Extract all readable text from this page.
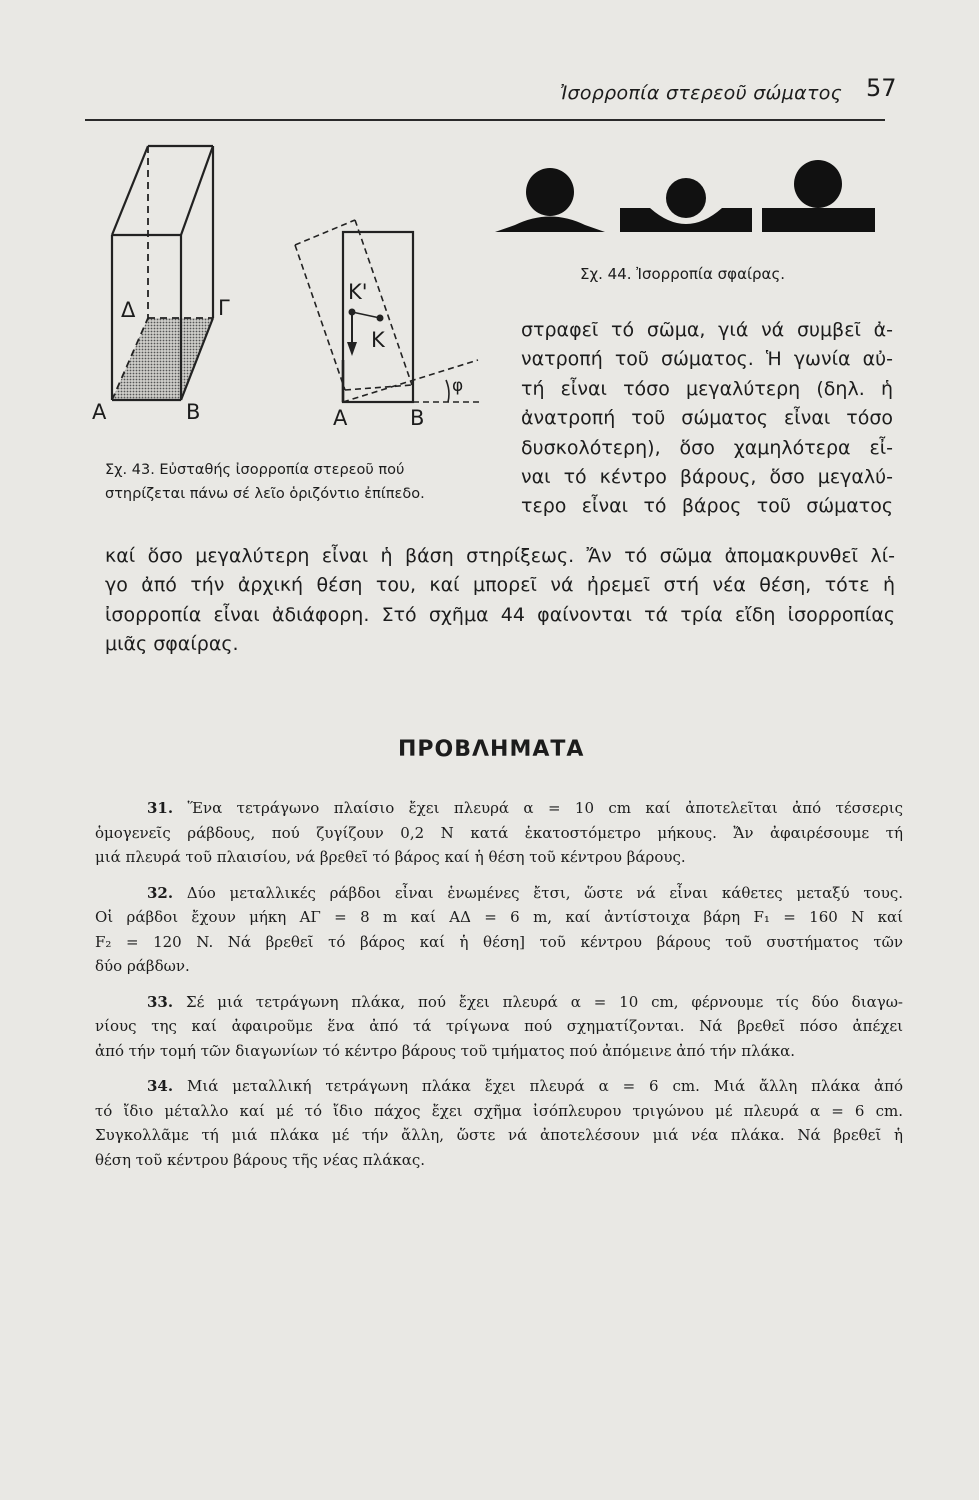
Ἰσορροπία στερεοῦ σώματος 57
Δ	Γ
A	B
K'
K
A	B
φ
Σχ. 44. Ἰσορροπία σφαίρας.
Σχ. 43. Εὐσταθής ἰσορροπία στερεοῦ πού
στηρίζεται πάνω σέ λεῖο ὁριζόντιο ἐπίπεδο.
στραφεῖ τό σῶμα, γιά νά συμβεῖ ἀ-
νατροπή τοῦ σώματος. Ἡ γωνία αὐ-
τή εἶναι τόσο μεγαλύτερη (δηλ. ἡ
ἀνατροπή τοῦ σώματος εἶναι τόσο
δυσκολότερη), ὅσο χαμηλότερα εἶ-
ναι τό κέντρο βάρους, ὅσο μεγαλύ-
τερο εἶναι τό βάρος τοῦ σώματος
καί ὅσο μεγαλύτερη εἶναι ἡ βάση στηρίξεως. Ἄν τό σῶμα ἀπομακρυνθεῖ λί-
γο ἀπό τήν ἀρχική θέση του, καί μπορεῖ νά ἠρεμεῖ στή νέα θέση, τότε ἡ
ἰσορροπία εἶναι ἀδιάφορη. Στό σχῆμα 44 φαίνονται τά τρία εἴδη ἰσορροπίας
μιᾶς σφαίρας.
ΠΡΟΒΛΗΜΑΤΑ
31. Ἕνα τετράγωνο πλαίσιο ἔχει πλευρά α = 10 cm καί ἀποτελεῖται ἀπό τέσσερις
ὁμογενεῖς ράβδους, πού ζυγίζουν 0,2 N κατά ἑκατοστόμετρο μήκους. Ἄν ἀφαιρέσουμε τή
μιά πλευρά τοῦ πλαισίου, νά βρεθεῖ τό βάρος καί ἡ θέση τοῦ κέντρου βάρους.
32. Δύο μεταλλικές ράβδοι εἶναι ἑνωμένες ἔτσι, ὥστε νά εἶναι κάθετες μεταξύ τους.
Οἱ ράβδοι ἔχουν μήκη ΑΓ = 8 m καί ΑΔ = 6 m, καί ἀντίστοιχα βάρη F₁ = 160 N καί
F₂ = 120 N. Νά βρεθεῖ τό βάρος καί ἡ θέση] τοῦ κέντρου βάρους τοῦ συστήματος τῶν
δύο ράβδων.
33. Σέ μιά τετράγωνη πλάκα, πού ἔχει πλευρά α = 10 cm, φέρνουμε τίς δύο διαγω-
νίους της καί ἀφαιροῦμε ἕνα ἀπό τά τρίγωνα πού σχηματίζονται. Νά βρεθεῖ πόσο ἀπέχει
ἀπό τήν τομή τῶν διαγωνίων τό κέντρο βάρους τοῦ τμήματος πού ἀπόμεινε ἀπό τήν πλάκα.
34. Μιά μεταλλική τετράγωνη πλάκα ἔχει πλευρά α = 6 cm. Μιά ἄλλη πλάκα ἀπό
τό ἴδιο μέταλλο καί μέ τό ἴδιο πάχος ἔχει σχῆμα ἰσόπλευρου τριγώνου μέ πλευρά α = 6 cm.
Συγκολλᾶμε τή μιά πλάκα μέ τήν ἄλλη, ὥστε νά ἀποτελέσουν μιά νέα πλάκα. Νά βρεθεῖ ἡ
θέση τοῦ κέντρου βάρους τῆς νέας πλάκας.
